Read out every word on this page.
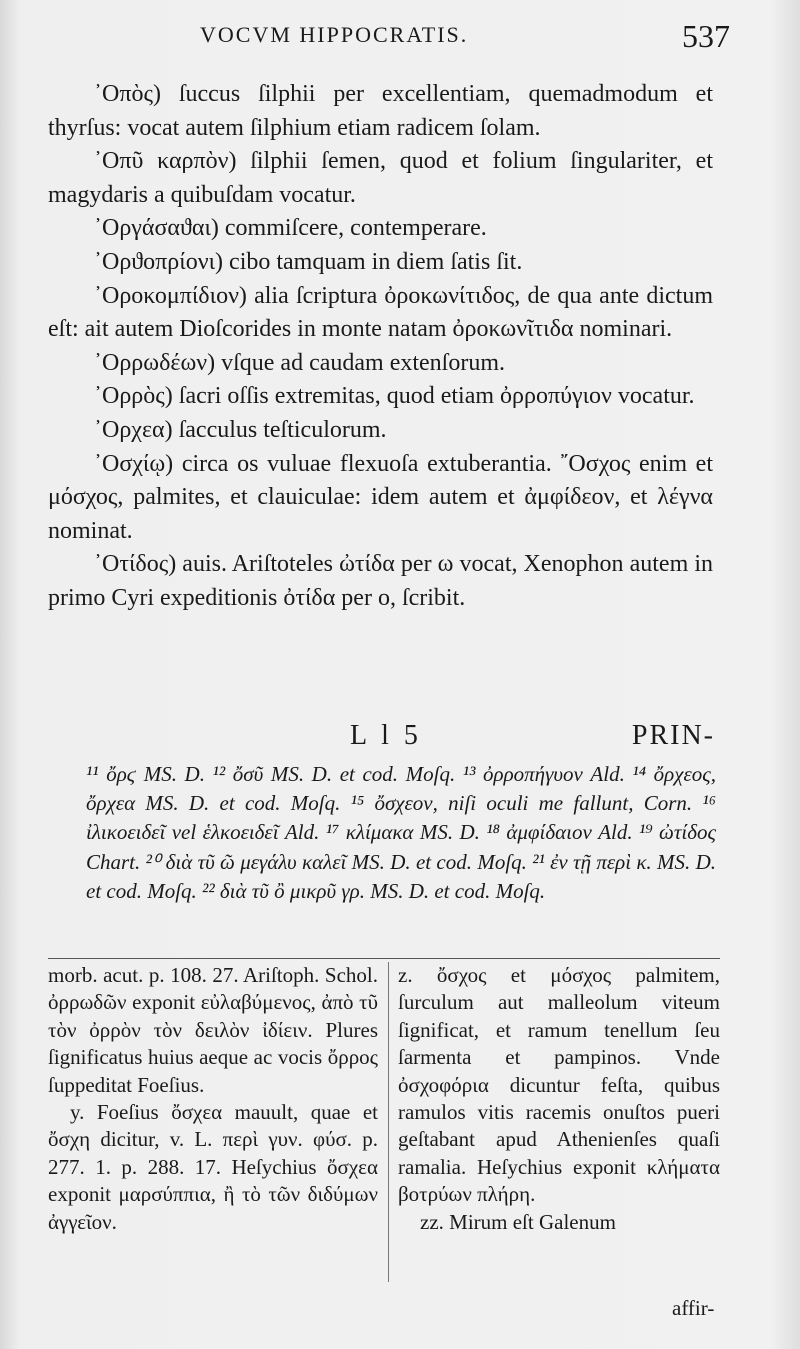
VOCVM HIPPOCRATIS.	537

᾿Οπὸς) ſuccus ſilphii per excellentiam, quemadmodum et thyrſus: vocat autem ſilphium etiam radicem ſolam.

᾿Οπῦ καρπὸν) ſilphii ſemen, quod et folium ſingulariter, et magydaris a quibuſdam vocatur.

᾿Οργάσαϑαι) commiſcere, contemperare.

᾿Ορϑοπρίονι) cibo tamquam in diem ſatis ſit.

᾿Οροκομπίδιον) alia ſcriptura ὀροκωνίτιδος, de qua ante dictum eſt: ait autem Dioſcorides in monte natam ὀροκωνῖτιδα nominari.

᾿Ορρωδέων) vſque ad caudam extenſorum.

᾿Ορρὸς) ſacri oſſis extremitas, quod etiam ὀρροπύγιον vocatur.

᾿Ορχεα) ſacculus teſticulorum.

᾿Οσχίῳ) circa os vuluae flexuoſa extuberantia. ῎Οσχος enim et μόσχος, palmites, et clauiculae: idem autem et ἀμφίδεον, et λέγνα nominat.

᾿Οτίδος) auis. Ariſtoteles ὠτίδα per ω vocat, Xenophon autem in primo Cyri expeditionis ὀτίδα per ο, ſcribit.

L l 5	PRIN-

¹¹ ὄρϛ MS. D. ¹² ὄσῦ MS. D. et cod. Moſq. ¹³ ὀρροπήγυον Ald. ¹⁴ ὄρχεος, ὄρχεα MS. D. et cod. Moſq. ¹⁵ ὄσχεον, niſi oculi me fallunt, Corn. ¹⁶ ἰλικοειδεῖ vel ἑλκοειδεῖ Ald. ¹⁷ κλίμακα MS. D. ¹⁸ ἀμφίδαιον Ald. ¹⁹ ὠτίδος Chart. ²⁰ διὰ τῦ ῶ μεγάλυ καλεῖ MS. D. et cod. Moſq. ²¹ ἐν τῇ περὶ κ. MS. D. et cod. Moſq. ²² διὰ τῦ ὂ μικρῦ γρ. MS. D. et cod. Moſq.

morb. acut. p. 108. 27. Ariſtoph. Schol. ὀρρωδῶν exponit εὐλαβύμενος, ἀπὸ τῦ τὸν ὀρρὸν τὸν δειλὸν ἰδίειν. Plures ſignificatus huius aeque ac vocis ὄρρος ſuppeditat Foeſius.

y. Foeſius ὄσχεα mauult, quae et ὄσχη dicitur, v. L. περὶ γυν. φύσ. p. 277. 1. p. 288. 17. Heſychius ὄσχεα exponit μαρσύππια, ἢ τὸ τῶν διδύμων ἀγγεῖον.

z. ὄσχος et μόσχος palmitem, ſurculum aut malleolum viteum ſignificat, et ramum tenellum ſeu ſarmenta et pampinos. Vnde ὀσχοφόρια dicuntur feſta, quibus ramulos vitis racemis onuſtos pueri geſtabant apud Athenienſes quaſi ramalia. Heſychius exponit κλήματα βοτρύων πλήρη.

zz. Mirum eſt Galenum

affir-
